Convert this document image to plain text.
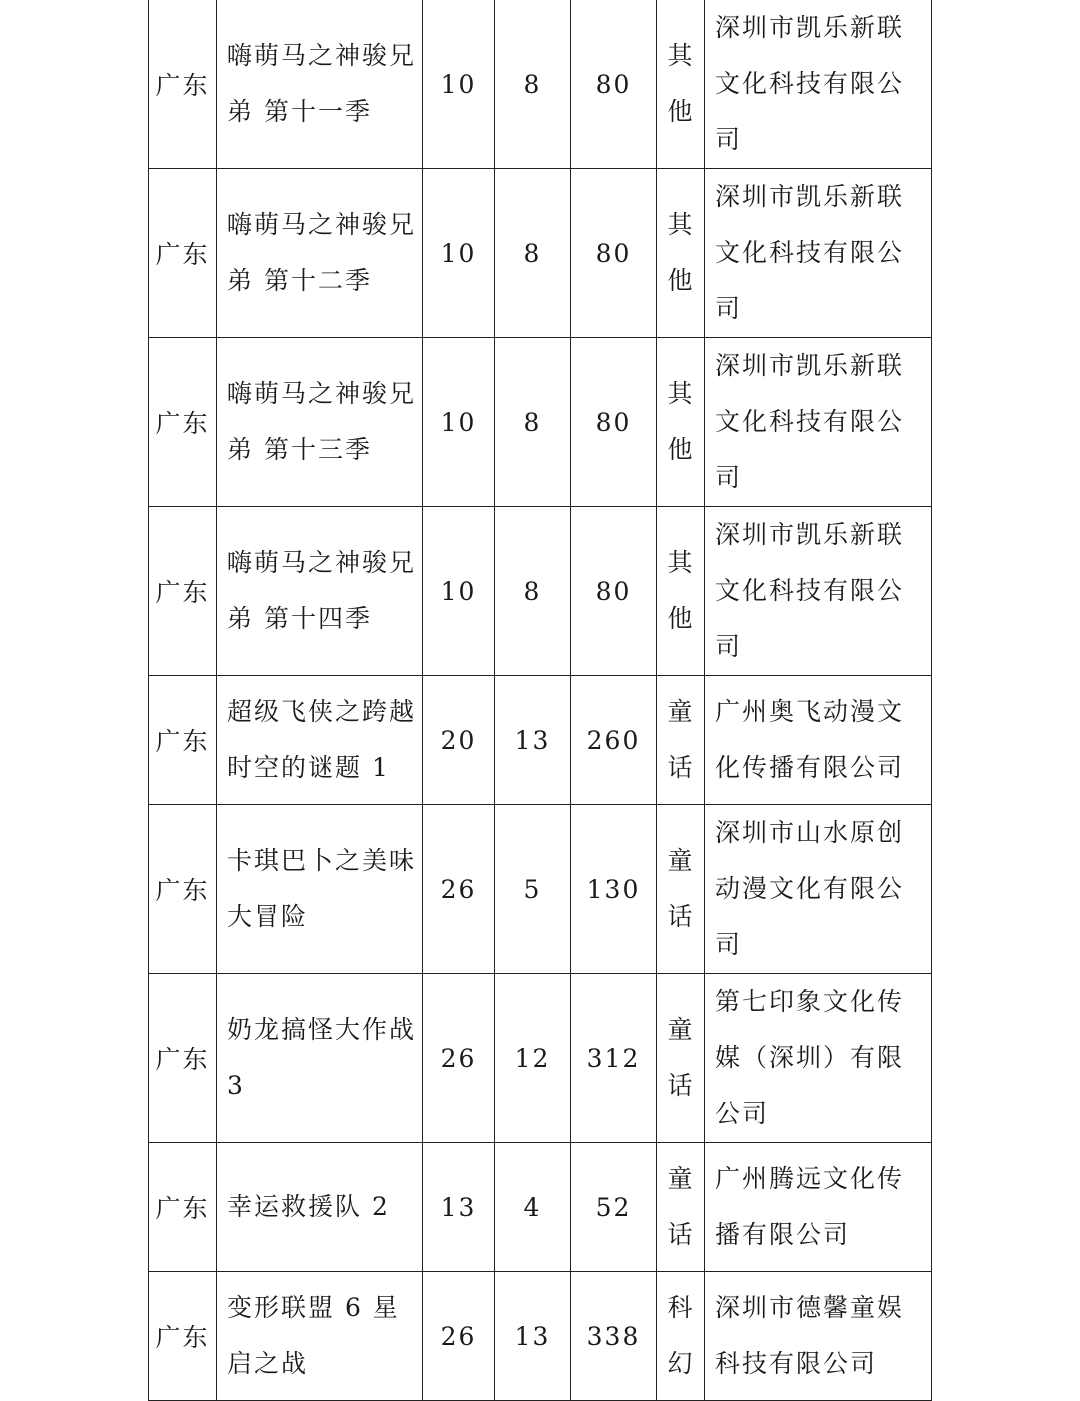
广东	嗨萌马之神骏兄弟 第十一季	10	8	80	其他	深圳市凯乐新联文化科技有限公司
广东	嗨萌马之神骏兄弟 第十二季	10	8	80	其他	深圳市凯乐新联文化科技有限公司
广东	嗨萌马之神骏兄弟 第十三季	10	8	80	其他	深圳市凯乐新联文化科技有限公司
广东	嗨萌马之神骏兄弟 第十四季	10	8	80	其他	深圳市凯乐新联文化科技有限公司
广东	超级飞侠之跨越时空的谜题 1	20	13	260	童话	广州奥飞动漫文化传播有限公司
广东	卡琪巴卜之美味大冒险	26	5	130	童话	深圳市山水原创动漫文化有限公司
广东	奶龙搞怪大作战 3	26	12	312	童话	第七印象文化传媒（深圳）有限公司
广东	幸运救援队 2	13	4	52	童话	广州腾远文化传播有限公司
广东	变形联盟 6 星启之战	26	13	338	科幻	深圳市德馨童娱科技有限公司
